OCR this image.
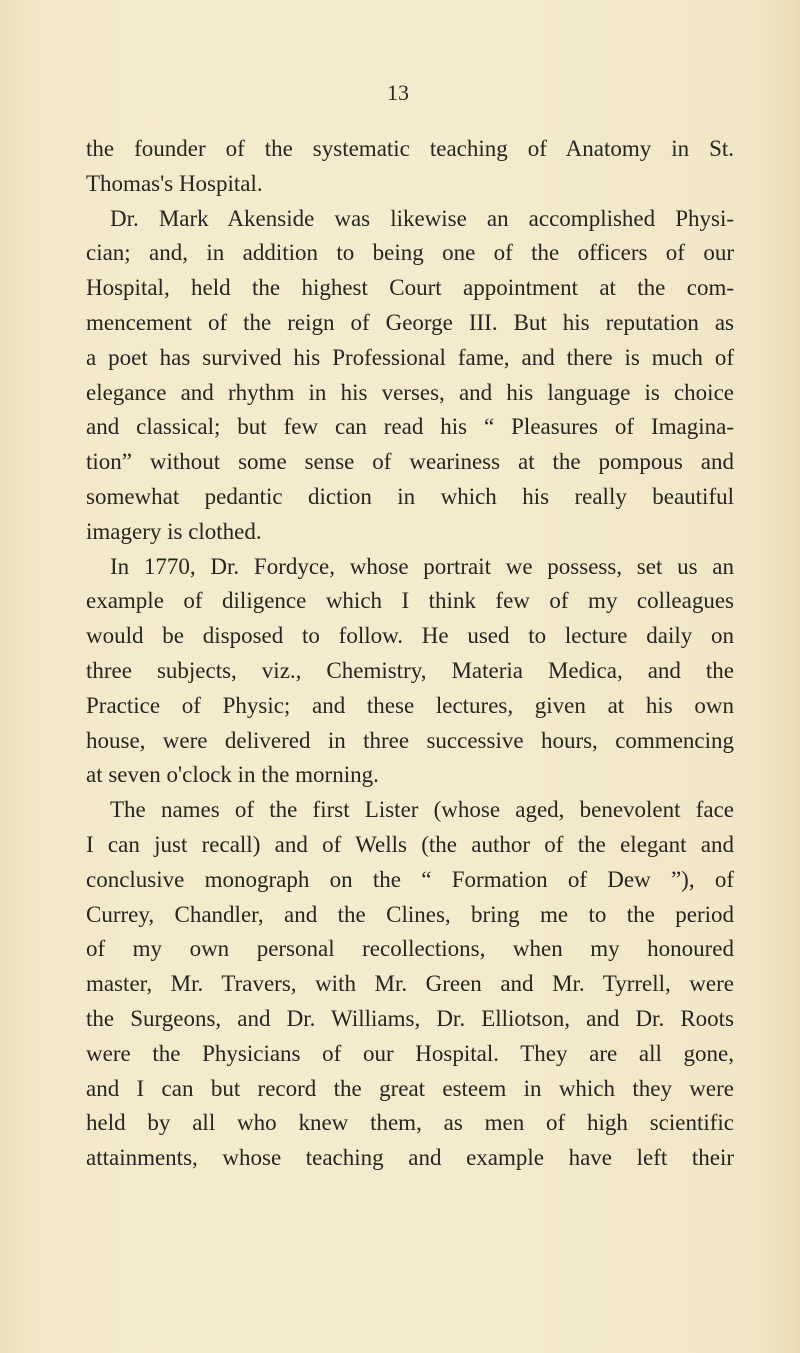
13
the founder of the systematic teaching of Anatomy in St.
Thomas's Hospital.
Dr. Mark Akenside was likewise an accomplished Physi-
cian; and, in addition to being one of the officers of our
Hospital, held the highest Court appointment at the com-
mencement of the reign of George III. But his reputation as
a poet has survived his Professional fame, and there is much of
elegance and rhythm in his verses, and his language is choice
and classical; but few can read his “ Pleasures of Imagina-
tion” without some sense of weariness at the pompous and
somewhat pedantic diction in which his really beautiful
imagery is clothed.
In 1770, Dr. Fordyce, whose portrait we possess, set us an
example of diligence which I think few of my colleagues
would be disposed to follow. He used to lecture daily on
three subjects, viz., Chemistry, Materia Medica, and the
Practice of Physic; and these lectures, given at his own
house, were delivered in three successive hours, commencing
at seven o'clock in the morning.
The names of the first Lister (whose aged, benevolent face
I can just recall) and of Wells (the author of the elegant and
conclusive monograph on the “ Formation of Dew ”), of
Currey, Chandler, and the Clines, bring me to the period
of my own personal recollections, when my honoured
master, Mr. Travers, with Mr. Green and Mr. Tyrrell, were
the Surgeons, and Dr. Williams, Dr. Elliotson, and Dr. Roots
were the Physicians of our Hospital. They are all gone,
and I can but record the great esteem in which they were
held by all who knew them, as men of high scientific
attainments, whose teaching and example have left their
